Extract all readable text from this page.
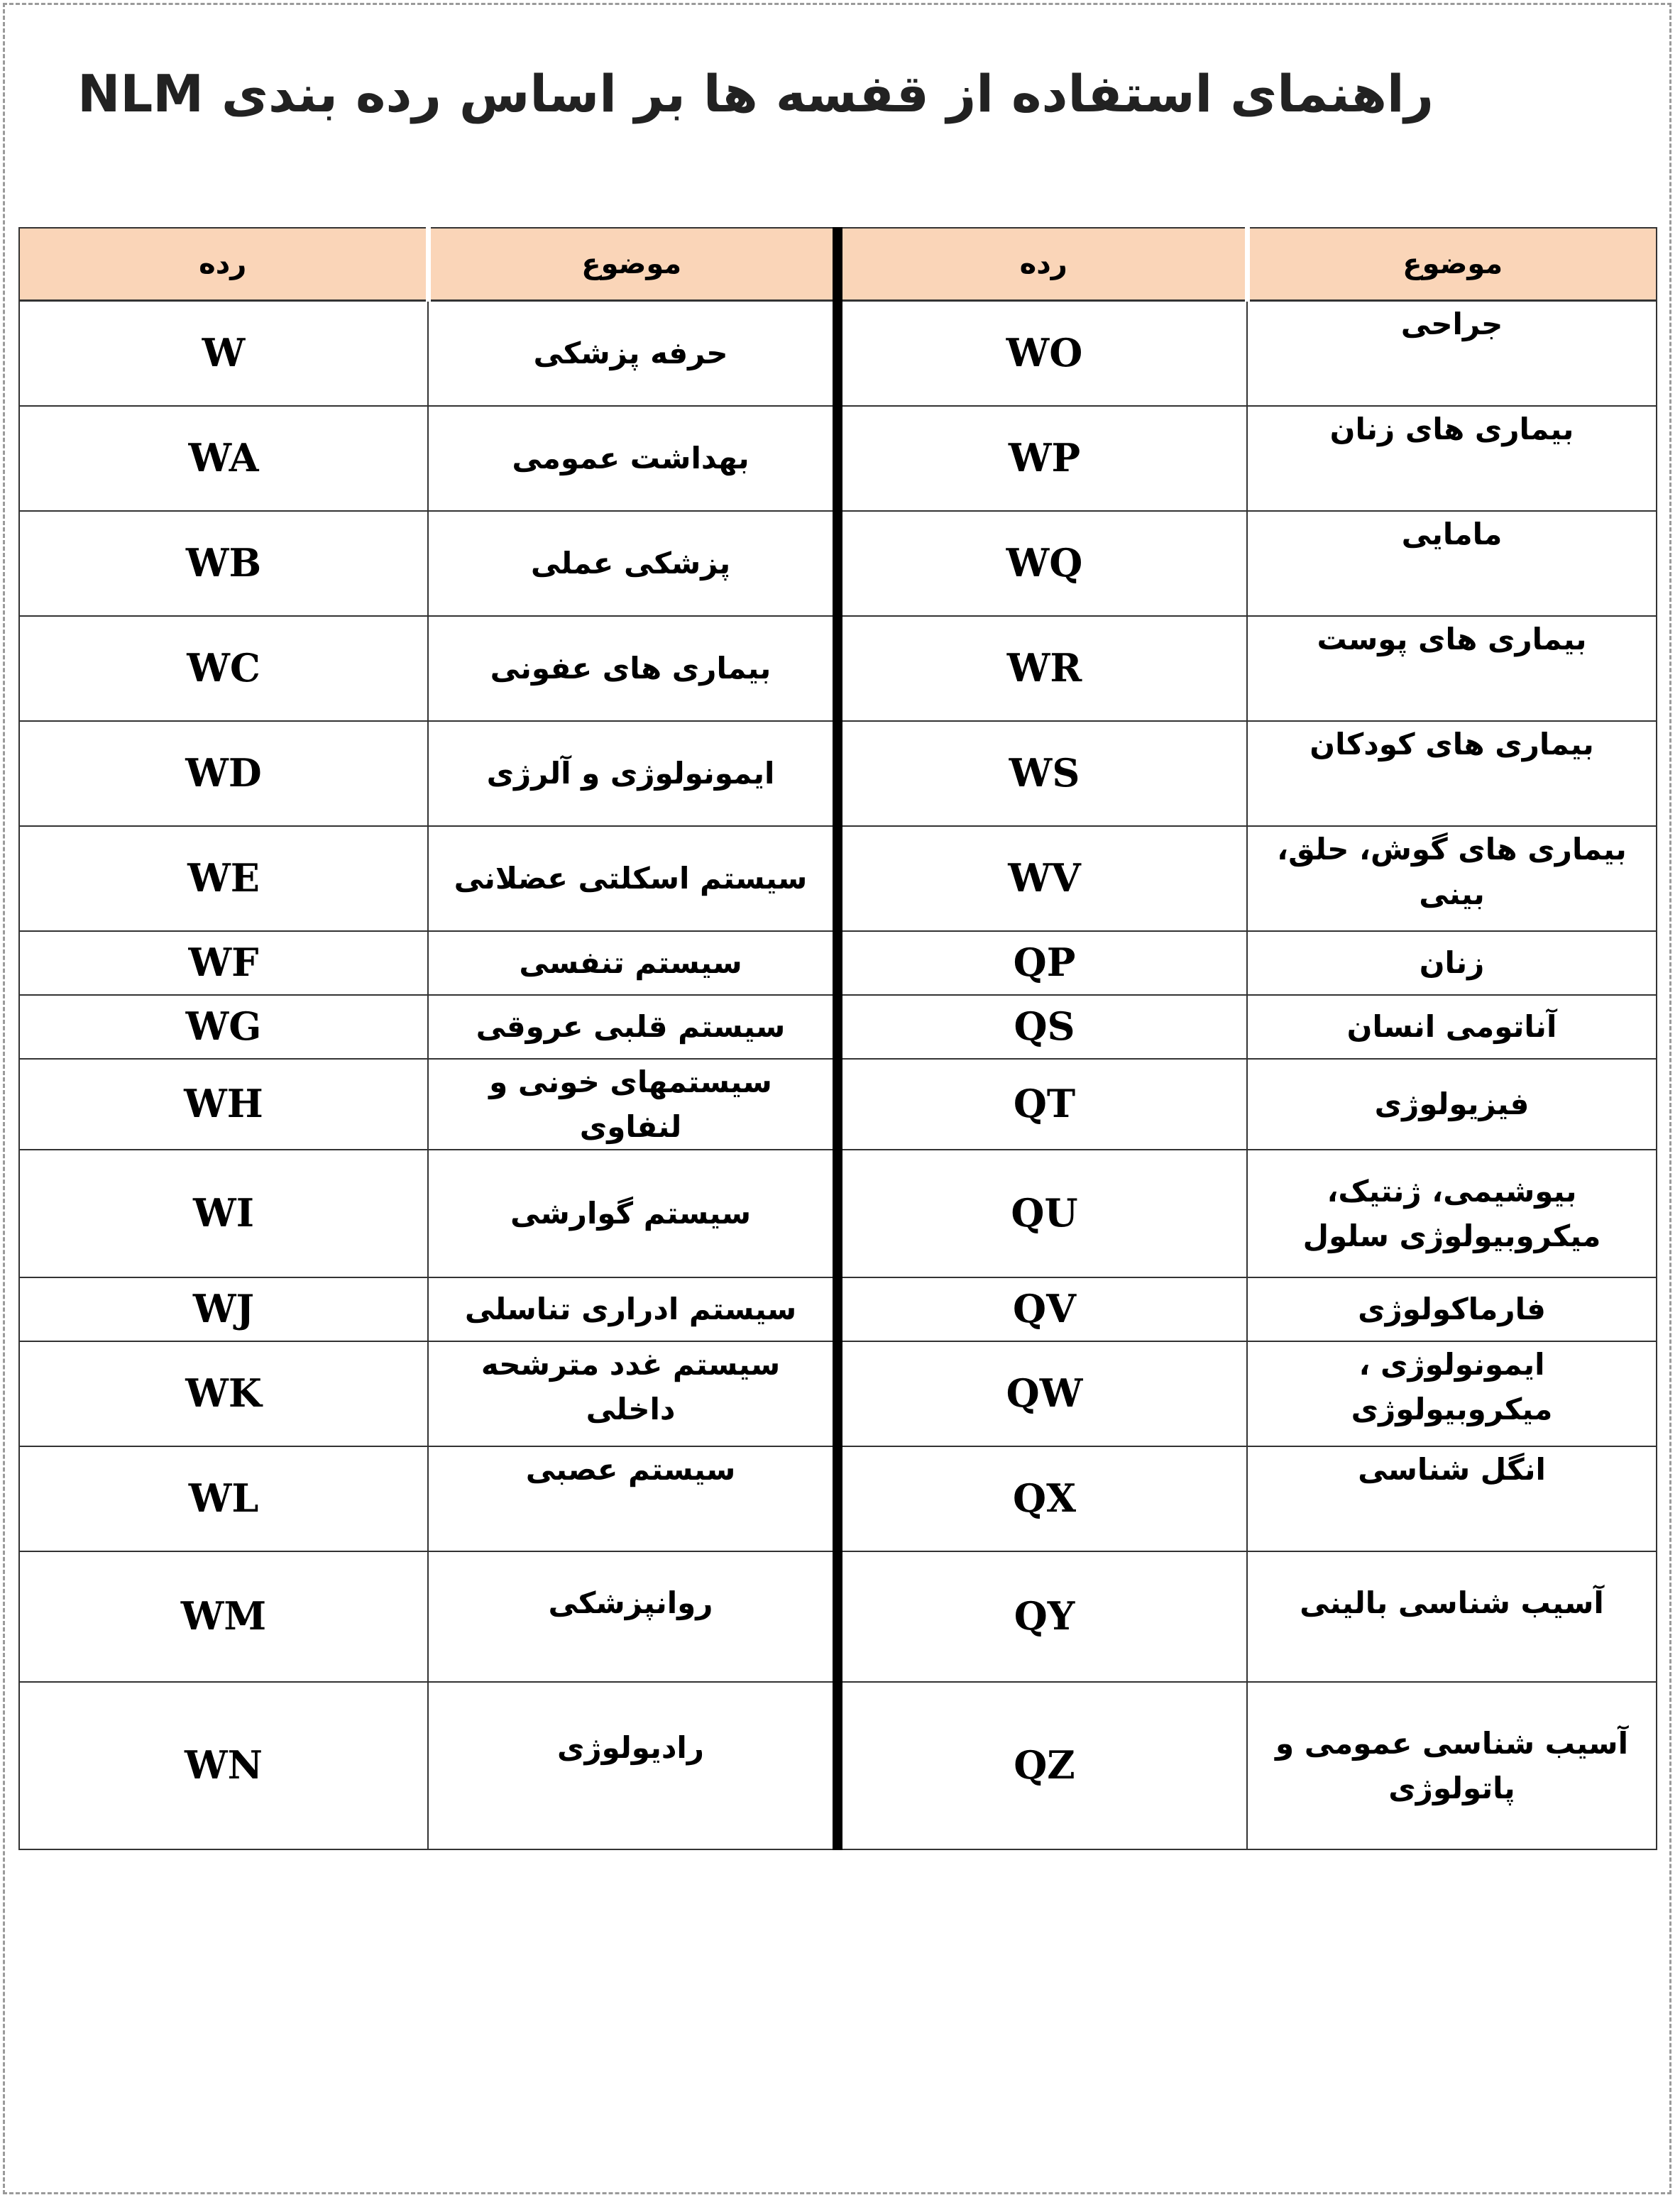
راهنمای استفاده از قفسه ها بر اساس رده بندی NLM
موضوع	رده	موضوع	رده
جراحی	WO	حرفه پزشکی	W
بیماری های زنان	WP	بهداشت عمومی	WA
مامایی	WQ	پزشکی عملی	WB
بیماری های پوست	WR	بیماری های عفونی	WC
بیماری های کودکان	WS	ایمونولوژی و آلرژی	WD
بیماری های گوش، حلق، بینی	WV	سیستم اسکلتی عضلانی	WE
زنان	QP	سیستم تنفسی	WF
آناتومی انسان	QS	سیستم قلبی عروقی	WG
فیزیولوژی	QT	سیستمهای خونی و لنفاوی	WH

بیوشیمی، ژنتیک،
میکروبیولوژی سلول	QU	سیستم گوارشی	WI
فارماکولوژی	QV	سیستم ادراری تناسلی	WJ
ایمونولوژی ، میکروبیولوژی	QW	سیستم غدد مترشحه داخلی	WK
انگل شناسی	QX	سیستم عصبی	WL
آسیب شناسی بالینی	QY	روانپزشکی	WM

آسیب شناسی عمومی و
پاتولوژی	QZ	رادیولوژی	WN
